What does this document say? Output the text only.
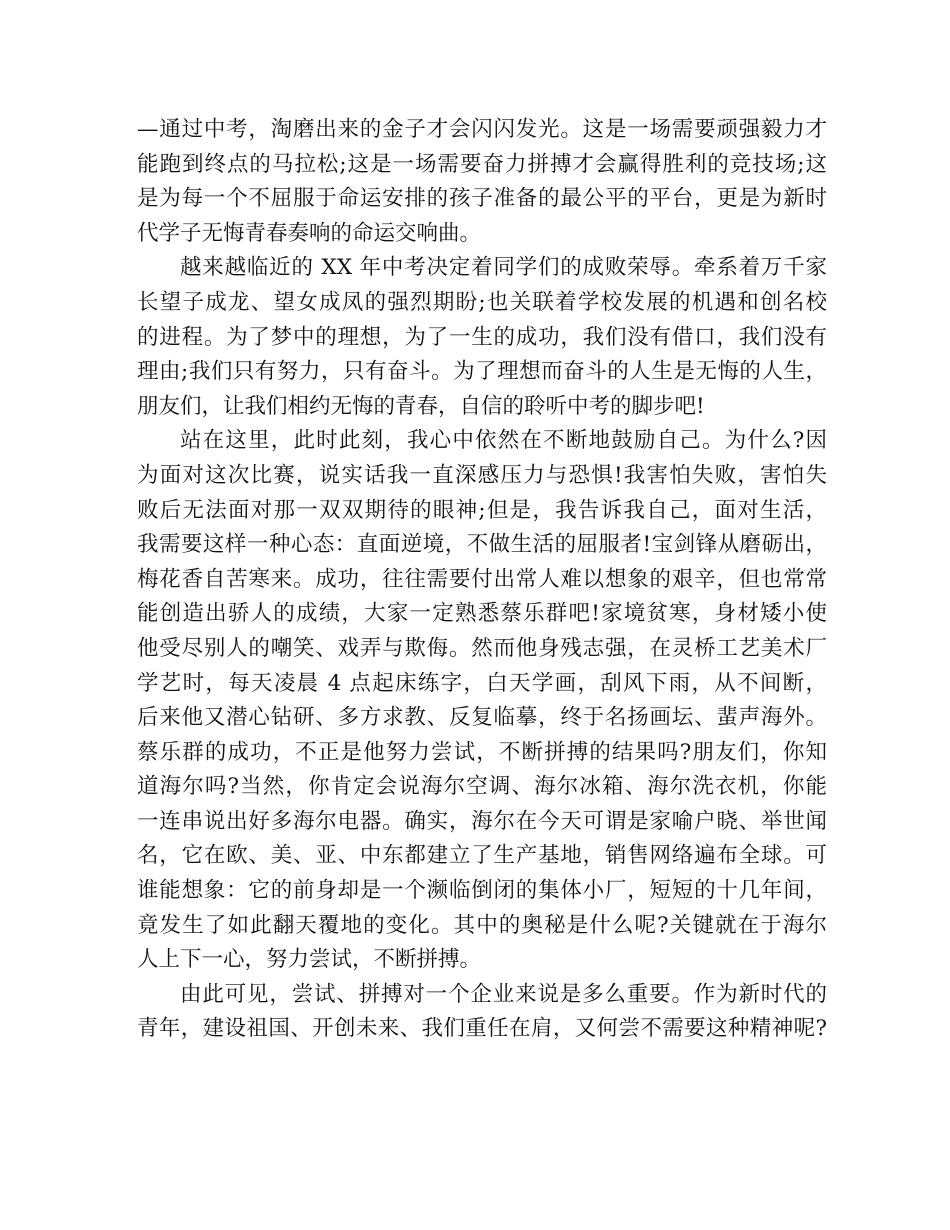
—通过中考，淘磨出来的金子才会闪闪发光。这是一场需要顽强毅力才
能跑到终点的马拉松;这是一场需要奋力拼搏才会赢得胜利的竞技场;这
是为每一个不屈服于命运安排的孩子准备的最公平的平台，更是为新时
代学子无悔青春奏响的命运交响曲。
越来越临近的 XX 年中考决定着同学们的成败荣辱。牵系着万千家
长望子成龙、望女成凤的强烈期盼;也关联着学校发展的机遇和创名校
的进程。为了梦中的理想，为了一生的成功，我们没有借口，我们没有
理由;我们只有努力，只有奋斗。为了理想而奋斗的人生是无悔的人生，
朋友们，让我们相约无悔的青春，自信的聆听中考的脚步吧!
站在这里，此时此刻，我心中依然在不断地鼓励自己。为什么?因
为面对这次比赛，说实话我一直深感压力与恐惧!我害怕失败，害怕失
败后无法面对那一双双期待的眼神;但是，我告诉我自己，面对生活，
我需要这样一种心态：直面逆境，不做生活的屈服者!宝剑锋从磨砺出，
梅花香自苦寒来。成功，往往需要付出常人难以想象的艰辛，但也常常
能创造出骄人的成绩，大家一定熟悉蔡乐群吧!家境贫寒，身材矮小使
他受尽别人的嘲笑、戏弄与欺侮。然而他身残志强，在灵桥工艺美术厂
学艺时，每天凌晨 4 点起床练字，白天学画，刮风下雨，从不间断，
后来他又潜心钻研、多方求教、反复临摹，终于名扬画坛、蜚声海外。
蔡乐群的成功，不正是他努力尝试，不断拼搏的结果吗?朋友们，你知
道海尔吗?当然，你肯定会说海尔空调、海尔冰箱、海尔洗衣机，你能
一连串说出好多海尔电器。确实，海尔在今天可谓是家喻户晓、举世闻
名，它在欧、美、亚、中东都建立了生产基地，销售网络遍布全球。可
谁能想象：它的前身却是一个濒临倒闭的集体小厂，短短的十几年间，
竟发生了如此翻天覆地的变化。其中的奥秘是什么呢?关键就在于海尔
人上下一心，努力尝试，不断拼搏。
由此可见，尝试、拼搏对一个企业来说是多么重要。作为新时代的
青年，建设祖国、开创未来、我们重任在肩，又何尝不需要这种精神呢?
